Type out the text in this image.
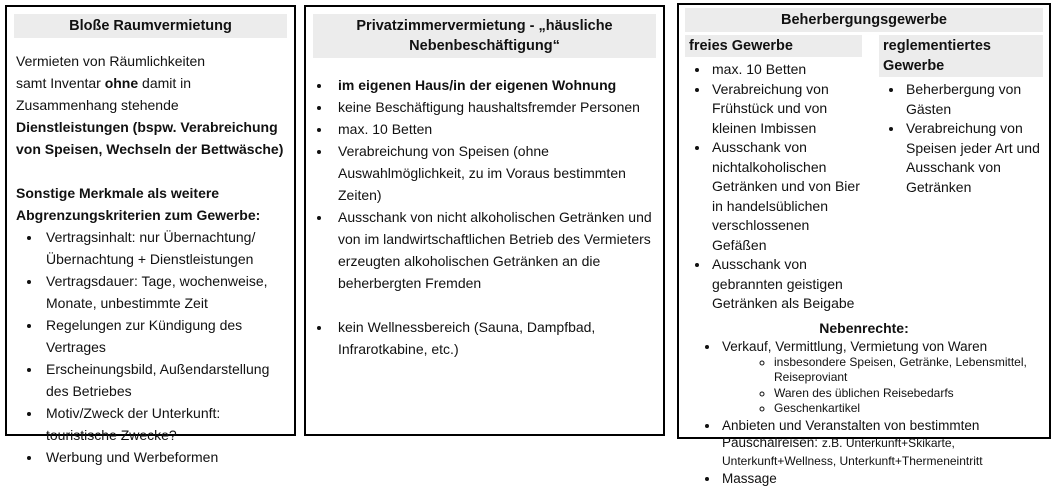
Bloße Raumvermietung

Vermieten von Räumlichkeiten
samt Inventar ohne damit in Zusammenhang stehende Dienstleistungen (bspw. Verabreichung von Speisen, Wechseln der Bettwäsche)

Sonstige Merkmale als weitere Abgrenzungskriterien zum Gewerbe:

• Vertragsinhalt: nur Übernachtung/​Übernachtung + Dienstleistungen
• Vertragsdauer: Tage, wochenweise, Monate, unbestimmte Zeit
• Regelungen zur Kündigung des Vertrages
• Erscheinungsbild, Außendarstellung des Betriebes
• Motiv/Zweck der Unterkunft: touristische Zwecke?
• Werbung und Werbeformen
Privatzimmervermietung - „häusliche Nebenbeschäftigung“
• im eigenen Haus/in der eigenen Wohnung
• keine Beschäftigung haushaltsfremder Personen
• max. 10 Betten
• Verabreichung von Speisen (ohne Auswahlmöglichkeit, zu im Voraus bestimmten Zeiten)
• Ausschank von nicht alkoholischen Getränken und von im landwirtschaftlichen Betrieb des Vermieters erzeugten alkoholischen Getränken an die beherbergten Fremden
• kein Wellnessbereich (Sauna, Dampfbad, Infrarotkabine, etc.)
Beherbergungsgewerbe
freies Gewerbe
• max. 10 Betten
• Verabreichung von Frühstück und von kleinen Imbissen
• Ausschank von nichtalkoholischen Getränken und von Bier in handelsüblichen verschlossenen Gefäßen
• Ausschank von gebrannten geistigen Getränken als Beigabe
reglementiertes Gewerbe
• Beherbergung von Gästen
• Verabreichung von Speisen jeder Art und Ausschank von Getränken
Nebenrechte:
• Verkauf, Vermittlung, Vermietung von Waren
◦ insbesondere Speisen, Getränke, Lebensmittel, Reiseproviant
◦ Waren des üblichen Reisebedarfs
◦ Geschenkartikel
• Anbieten und Veranstalten von bestimmten Pauschalreisen: z.B. Unterkunft+Skikarte, Unterkunft+Wellness, Unterkunft+Thermeneintritt
• Massage
